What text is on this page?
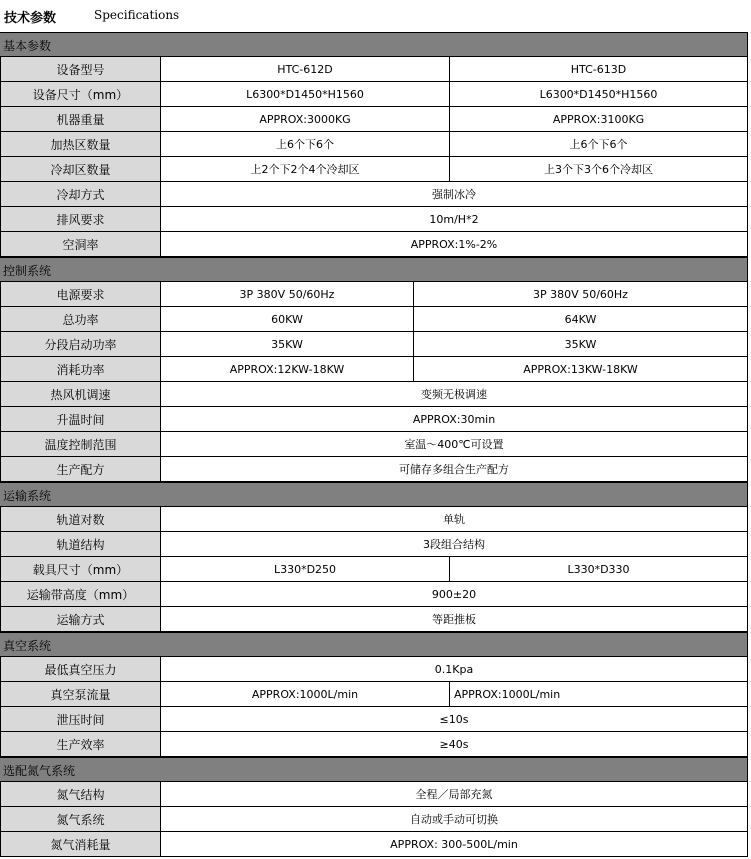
技术参数	Specifications
基本参数
设备型号	HTC-612D	HTC-613D
设备尺寸（mm）	L6300*D1450*H1560	L6300*D1450*H1560
机器重量	APPROX:3000KG	APPROX:3100KG
加热区数量	上6个下6个	上6个下6个
冷却区数量	上2个下2个4个冷却区	上3个下3个6个冷却区
冷却方式	强制冰冷
排风要求	10m/H*2
空洞率	APPROX:1%-2%
控制系统
电源要求	3P 380V 50/60Hz	3P 380V 50/60Hz
总功率	60KW	64KW
分段启动功率	35KW	35KW
消耗功率	APPROX:12KW-18KW	APPROX:13KW-18KW
热风机调速	变频无极调速
升温时间	APPROX:30min
温度控制范围	室温～400℃可设置
生产配方	可储存多组合生产配方
运输系统
轨道对数	单轨
轨道结构	3段组合结构
载具尺寸（mm）	L330*D250	L330*D330
运输带高度（mm）	900±20
运输方式	等距推板
真空系统
最低真空压力	0.1Kpa
真空泵流量	APPROX:1000L/min	APPROX:1000L/min
泄压时间	≤10s
生产效率	≥40s
选配氮气系统
氮气结构	全程／局部充氮
氮气系统	自动或手动可切换
氮气消耗量	APPROX: 300-500L/min
